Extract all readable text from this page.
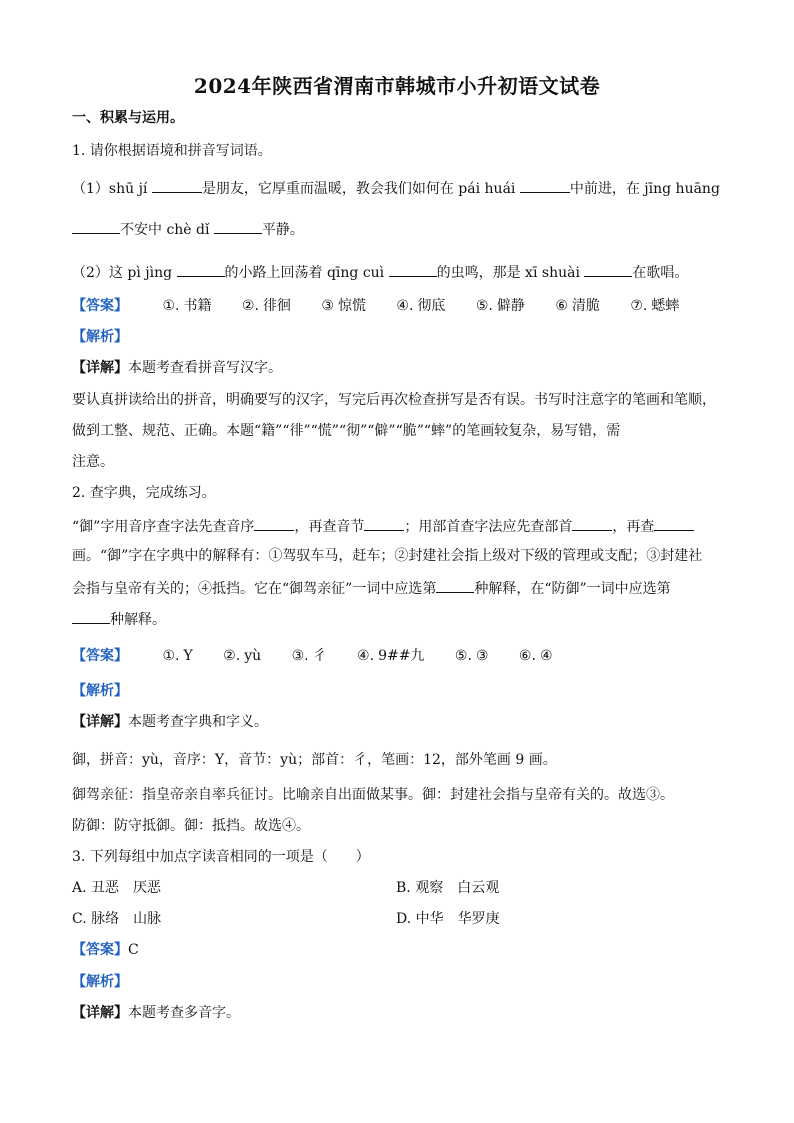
2024年陕西省渭南市韩城市小升初语文试卷
一、积累与运用。
1. 请你根据语境和拼音写词语。
（1）shū jí	是朋友，它厚重而温暖，教会我们如何在 pái huái	中前进，在 jīng huāng
不安中 chè dǐ	平静。
（2）这 pì jìng	的小路上回荡着 qīng cuì	的虫鸣，那是 xī shuài	在歌唱。
【答案】 ①. 书籍 ②. 徘徊 ③ 惊慌 ④. 彻底 ⑤. 僻静 ⑥ 清脆 ⑦. 蟋蟀
【解析】
【详解】本题考查看拼音写汉字。
要认真拼读给出的拼音，明确要写的汉字，写完后再次检查拼写是否有误。书写时注意字的笔画和笔顺，
做到工整、规范、正确。本题“籍”“徘”“慌”“彻”“僻”“脆”“蟀”的笔画较复杂，易写错，需
注意。
2. 查字典，完成练习。
“御”字用音序查字法先查音序	，再查音节	；用部首查字法应先查部首	，再查
画。“御”字在字典中的解释有：①驾驭车马，赶车；②封建社会指上级对下级的管理或支配；③封建社
会指与皇帝有关的；④抵挡。它在“御驾亲征”一词中应选第	种解释，在“防御”一词中应选第
种解释。
【答案】 ①. Y ②. yù ③. 彳 ④. 9##九 ⑤. ③ ⑥. ④
【解析】
【详解】本题考查字典和字义。
御，拼音：yù，音序：Y，音节：yù；部首：彳，笔画：12，部外笔画 9 画。
御驾亲征：指皇帝亲自率兵征讨。比喻亲自出面做某事。御：封建社会指与皇帝有关的。故选③。
防御：防守抵御。御：抵挡。故选④。
3. 下列每组中加点字读音相同的一项是（　　）
A. 丑恶　厌恶	B. 观察　白云观
C. 脉络　山脉	D. 中华　华罗庚
【答案】C
【解析】
【详解】本题考查多音字。
